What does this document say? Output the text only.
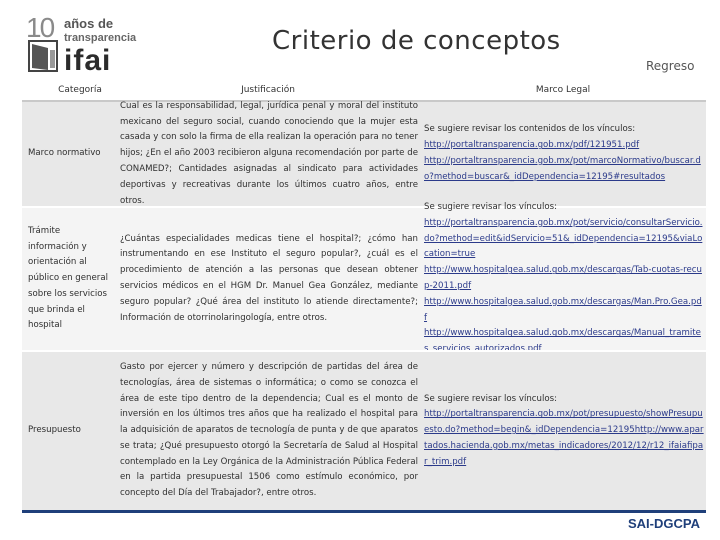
10 años de
transparencia
ifai
Criterio de conceptos
Regreso
Categoría	Justificación	Marco Legal
Marco normativo
Cual es la responsabilidad, legal, jurídica penal y moral del instituto mexicano del seguro social, cuando conociendo que la mujer esta casada y con solo la firma de ella realizan la operación para no tener hijos; ¿En el año 2003 recibieron alguna recomendación por parte de CONAMED?; Cantidades asignadas al sindicato para actividades deportivas y recreativas durante los últimos cuatro años, entre otros.
Se sugiere revisar los contenidos de los vínculos:
http://portaltransparencia.gob.mx/pdf/121951.pdf
http://portaltransparencia.gob.mx/pot/marcoNormativo/buscar.do?method=buscar&_idDependencia=12195#resultados
Trámite información y orientación al público en general sobre los servicios que brinda el hospital
¿Cuántas especialidades medicas tiene el hospital?; ¿cómo han instrumentando en ese Instituto el seguro popular?, ¿cuál es el procedimiento de atención a las personas que desean obtener servicios médicos en el HGM Dr. Manuel Gea González, mediante seguro popular? ¿Qué área del instituto lo atiende directamente?; Información de otorrinolaringología, entre otros.
Se sugiere revisar los vínculos:
http://portaltransparencia.gob.mx/pot/servicio/consultarServicio.do?method=edit&idServicio=51&_idDependencia=12195&viaLocation=true
http://www.hospitalgea.salud.gob.mx/descargas/Tab-cuotas-recup-2011.pdf
http://www.hospitalgea.salud.gob.mx/descargas/Man.Pro.Gea.pdf
http://www.hospitalgea.salud.gob.mx/descargas/Manual_tramite
Presupuesto
Gasto por ejercer y número y descripción de partidas del área de tecnologías, área de sistemas o informática; o como se conozca el área de este tipo dentro de la dependencia; Cual es el monto de inversión en los últimos tres años que ha realizado el hospital para la adquisición de aparatos de tecnología de punta y de que aparatos se trata; ¿Qué presupuesto otorgó la Secretaría de Salud al Hospital contemplado en la Ley Orgánica de la Administración Pública Federal en la partida presupuestal 1506 como estímulo económico, por concepto del Día del Trabajador?, entre otros.
Se sugiere revisar los vínculos:
http://portaltransparencia.gob.mx/pot/presupuesto/showPresupuesto.do?method=begin&_idDependencia=12195http://www.apartados.hacienda.gob.mx/metas_indicadores/2012/12/r12_ifaiafipar_trim.pdf
SAI-DGCPA
